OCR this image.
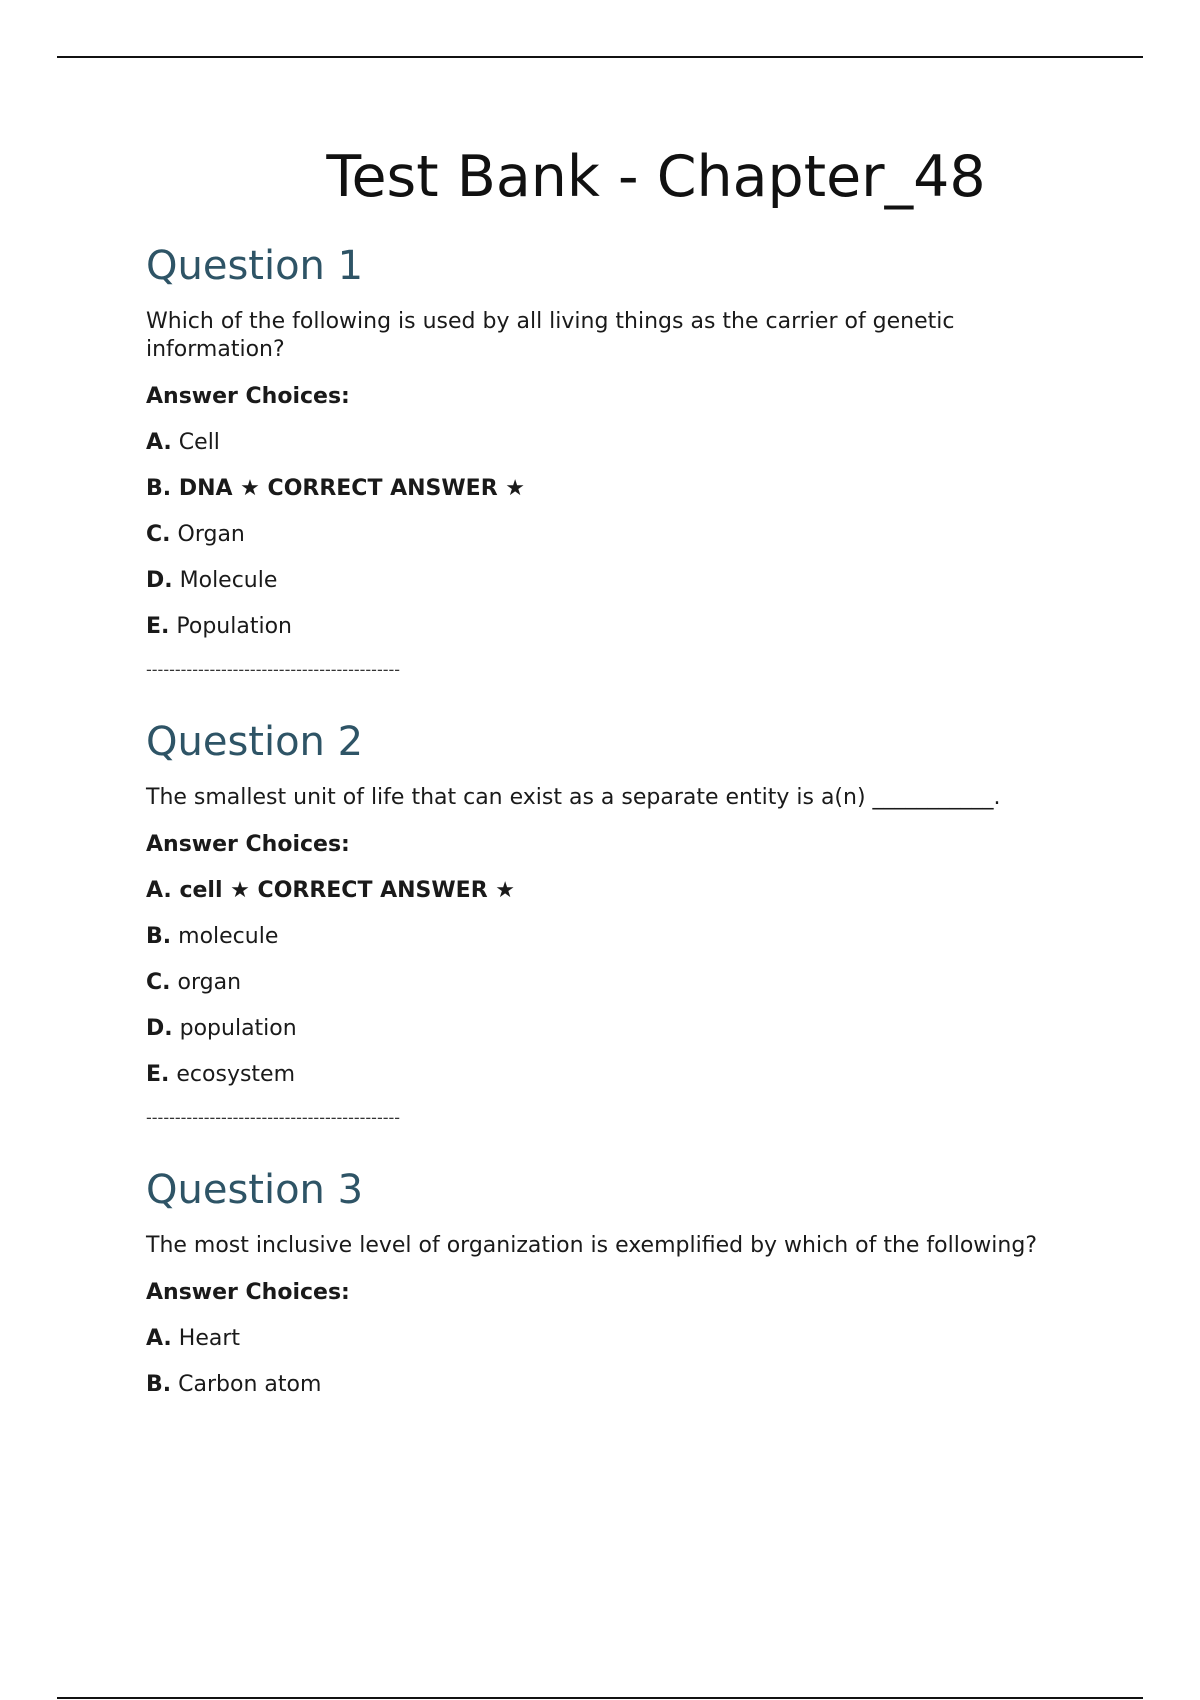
Test Bank - Chapter_48
Question 1

Which of the following is used by all living things as the carrier of genetic information?

Answer Choices:

A. Cell

B. DNA ★ CORRECT ANSWER ★

C. Organ

D. Molecule

E. Population

--------------------------------------------

Question 2

The smallest unit of life that can exist as a separate entity is a(n) ___________.

Answer Choices:

A. cell ★ CORRECT ANSWER ★

B. molecule

C. organ

D. population

E. ecosystem

--------------------------------------------

Question 3

The most inclusive level of organization is exemplified by which of the following?

Answer Choices:

A. Heart

B. Carbon atom
